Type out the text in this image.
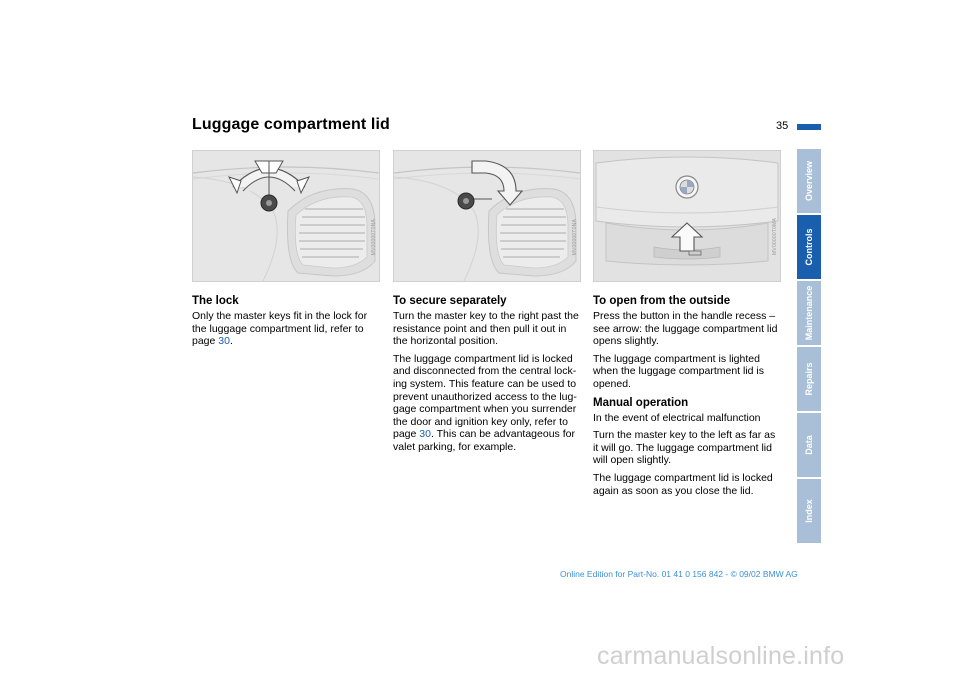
Luggage compartment lid	35
MV00000T0NA	MV00000T0NA	MV00000T0MA
The lock

Only the master keys fit in the lock for the luggage compartment lid, refer to page 30.

To secure separately

Turn the master key to the right past the resistance point and then pull it out in the horizontal position.

The luggage compartment lid is locked and disconnected from the central lock-ing system. This feature can be used to prevent unauthorized access to the lug-gage compartment when you surrender the door and ignition key only, refer to page 30. This can be advantageous for valet parking, for example.

To open from the outside

Press the button in the handle recess – see arrow: the luggage compartment lid opens slightly.

The luggage compartment is lighted when the luggage compartment lid is opened.

Manual operation

In the event of electrical malfunction

Turn the master key to the left as far as it will go. The luggage compartment lid will open slightly.

The luggage compartment lid is locked again as soon as you close the lid.

Overview
Controls
Maintenance
Repairs
Data
Index
Online Edition for Part-No. 01 41 0 156 842 - © 09/02 BMW AG
carmanualsonline.info
